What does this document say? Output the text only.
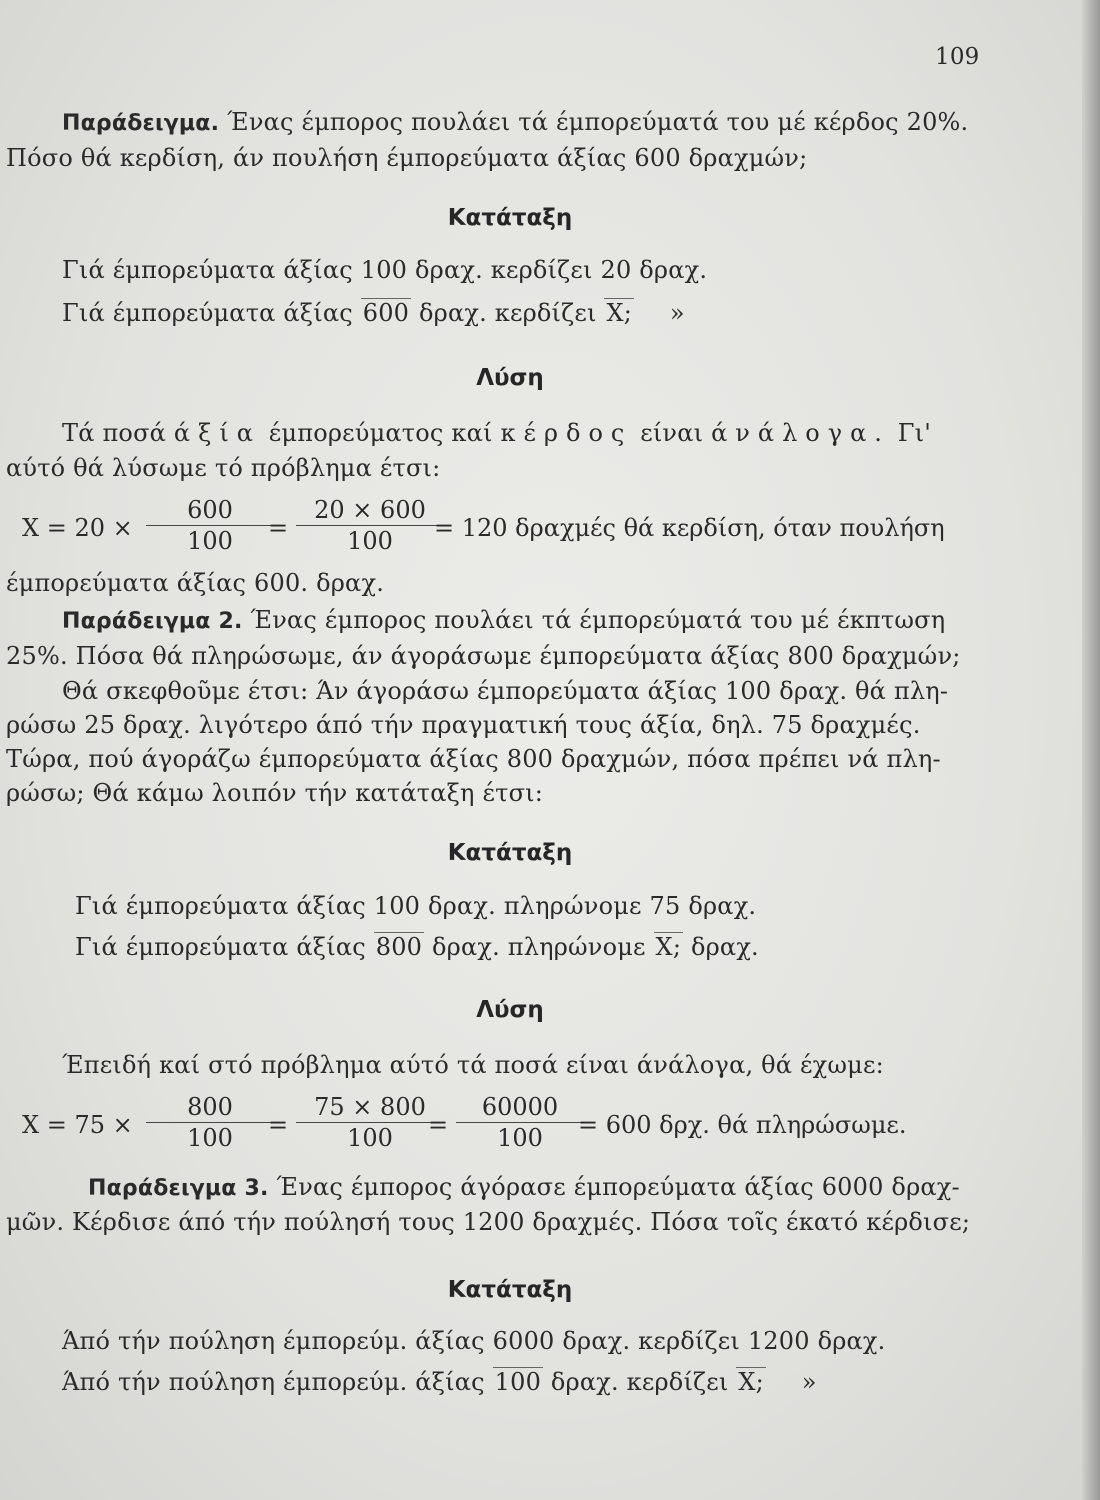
109
Παράδειγμα. Ένας έμπορος πουλάει τά έμπορεύματά του μέ κέρδος 20%.
Πόσο θά κερδίση, άν πουλήση έμπορεύματα άξίας 600 δραχμών;
Κατάταξη
Γιά έμπορεύματα άξίας 100 δραχ. κερδίζει 20 δραχ.
Γιά έμπορεύματα άξίας 600 δραχ. κερδίζει X; »
Λύση
Τά ποσά άξία έμπορεύματος καί κέρδος είναι άνάλογα. Γι'
αύτό θά λύσωμε τό πρόβλημα έτσι:
X = 20 ×
600
100	=
20 × 600
100	= 120 δραχμές θά κερδίση, όταν πουλήση
έμπορεύματα άξίας 600. δραχ.
Παράδειγμα 2. Ένας έμπορος πουλάει τά έμπορεύματά του μέ έκπτωση
25%. Πόσα θά πληρώσωμε, άν άγοράσωμε έμπορεύματα άξίας 800 δραχμών;
Θά σκεφθοῦμε έτσι: Άν άγοράσω έμπορεύματα άξίας 100 δραχ. θά πλη-
ρώσω 25 δραχ. λιγότερο άπό τήν πραγματική τους άξία, δηλ. 75 δραχμές.
Τώρα, πού άγοράζω έμπορεύματα άξίας 800 δραχμών, πόσα πρέπει νά πλη-
ρώσω; Θά κάμω λοιπόν τήν κατάταξη έτσι:
Κατάταξη
Γιά έμπορεύματα άξίας 100 δραχ. πληρώνομε 75 δραχ.
Γιά έμπορεύματα άξίας 800 δραχ. πληρώνομε X; δραχ.
Λύση
Έπειδή καί στό πρόβλημα αύτό τά ποσά είναι άνάλογα, θά έχωμε:
X = 75 ×
800
100	=
75 × 800
100	=
60000
100	= 600 δρχ. θά πληρώσωμε.
Παράδειγμα 3. Ένας έμπορος άγόρασε έμπορεύματα άξίας 6000 δραχ-
μῶν. Κέρδισε άπό τήν πούλησή τους 1200 δραχμές. Πόσα τοῖς έκατό κέρδισε;
Κατάταξη
Άπό τήν πούληση έμπορεύμ. άξίας 6000 δραχ. κερδίζει 1200 δραχ.
Άπό τήν πούληση έμπορεύμ. άξίας 100 δραχ. κερδίζει X; »
